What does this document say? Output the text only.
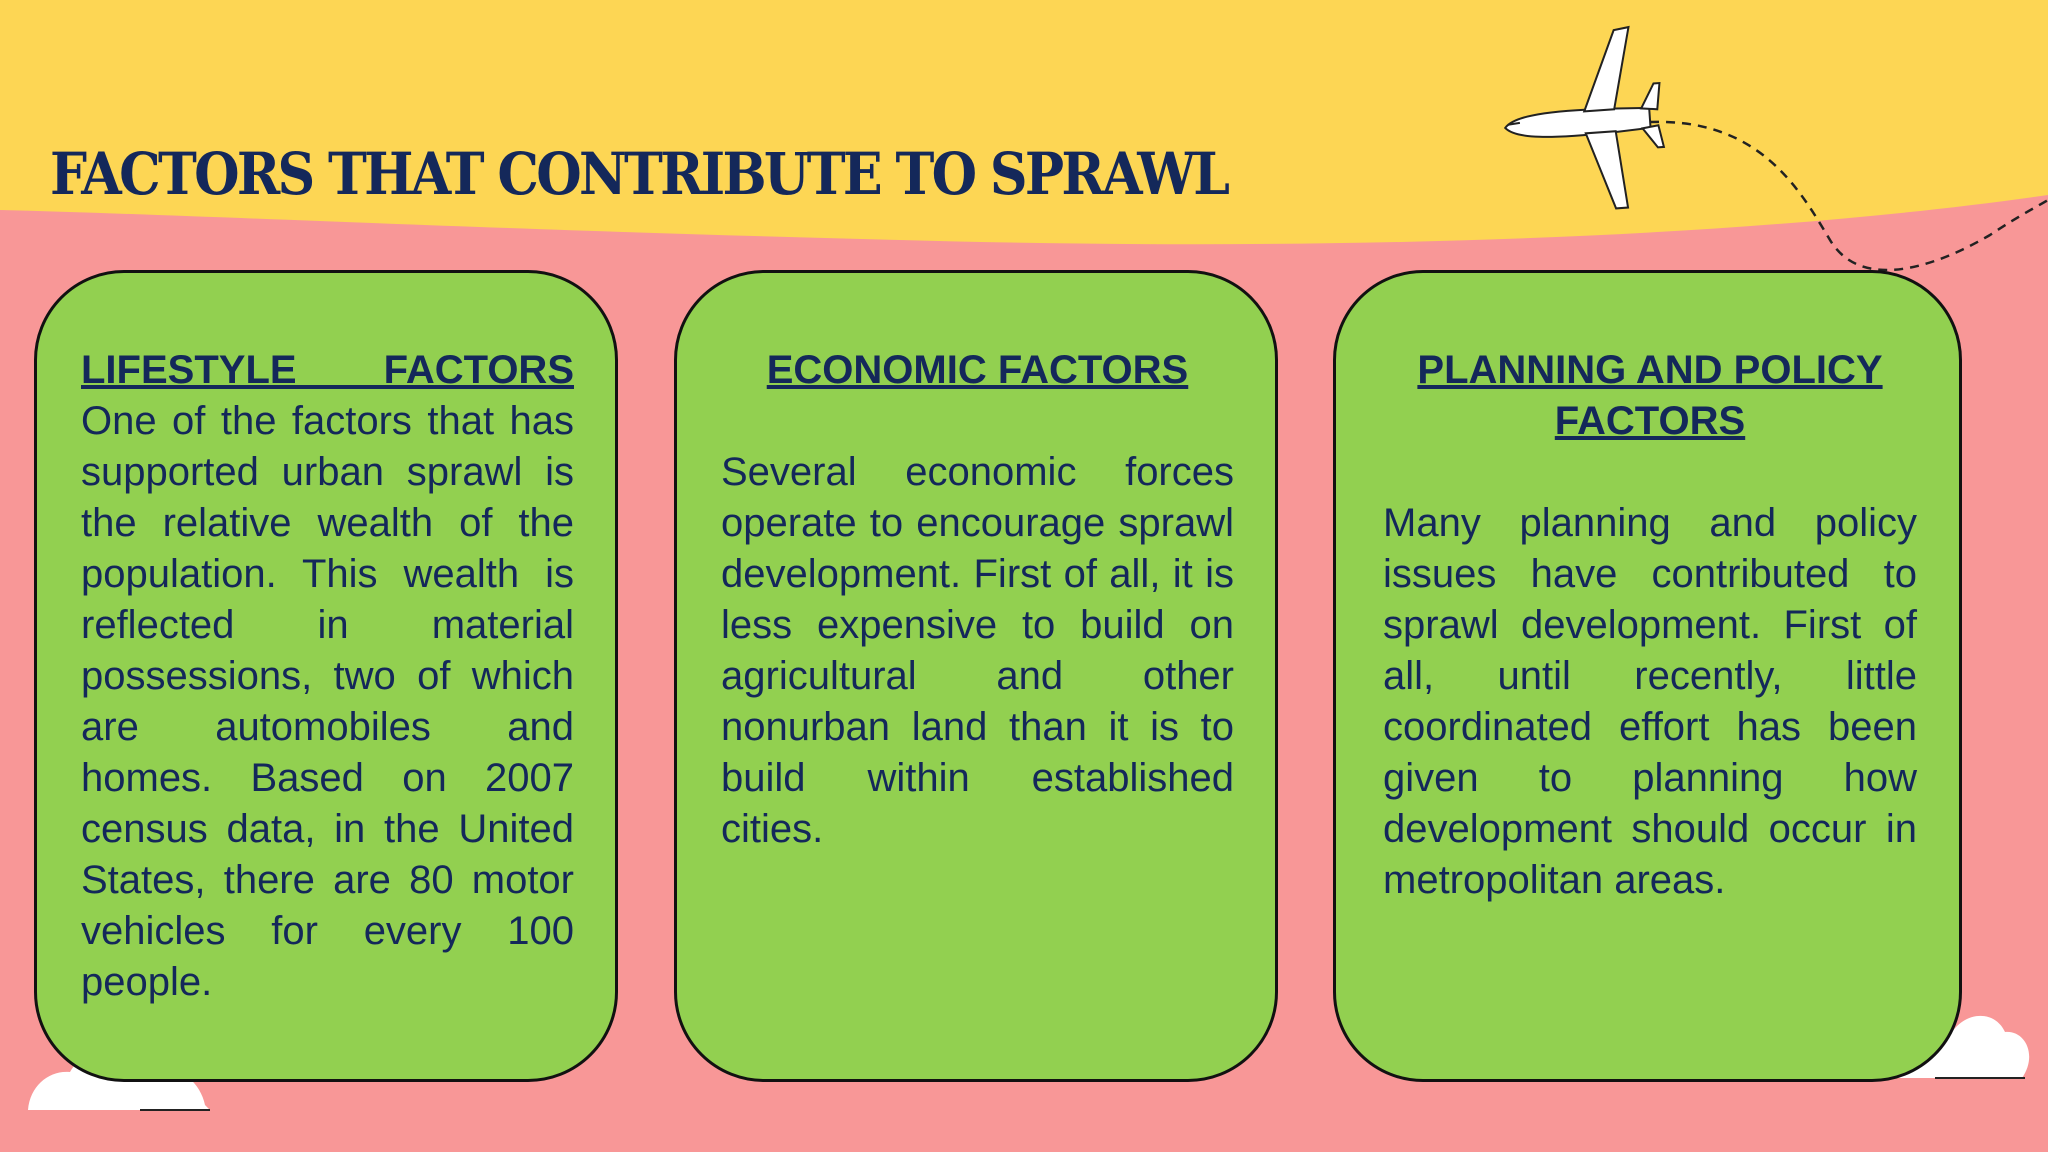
FACTORS THAT CONTRIBUTE TO SPRAWL

LIFESTYLE FACTORS

One of the factors that has supported urban sprawl is the relative wealth of the population. This wealth is reflected in material possessions, two of which are automobiles and homes. Based on 2007 census data, in the United States, there are 80 motor vehicles for every 100 people.

ECONOMIC FACTORS

Several economic forces operate to encourage sprawl development. First of all, it is less expensive to build on agricultural and other nonurban land than it is to build within established cities.

PLANNING AND POLICY FACTORS

Many planning and policy issues have contributed to sprawl development. First of all, until recently, little coordinated effort has been given to planning how development should occur in metropolitan areas.
